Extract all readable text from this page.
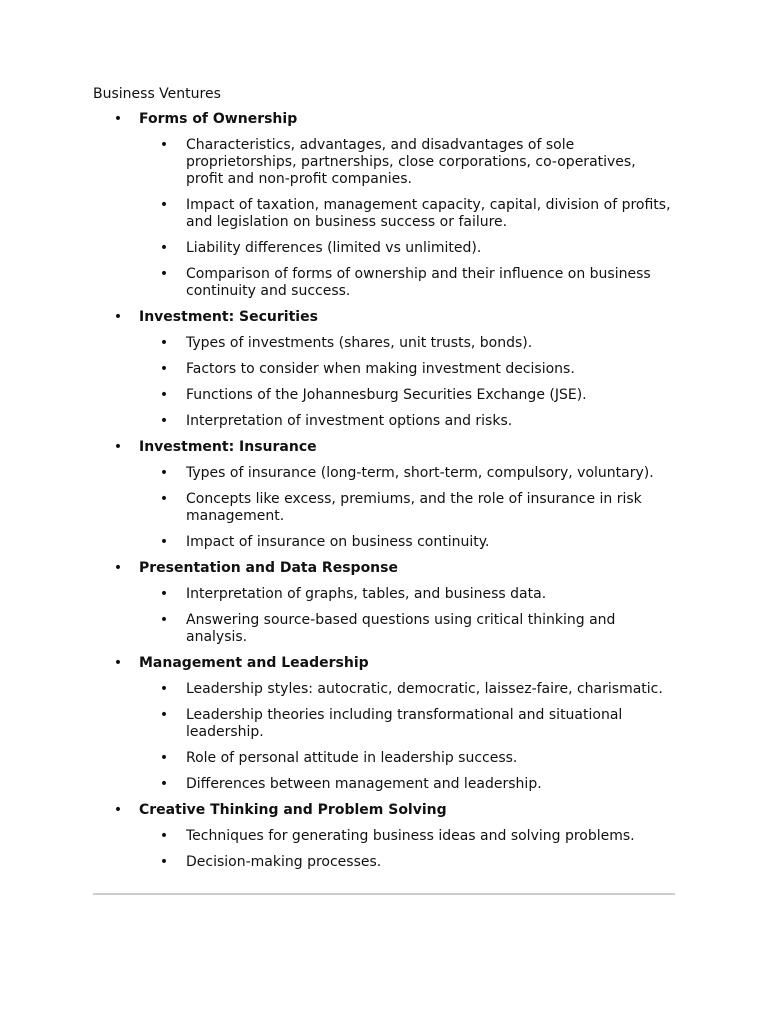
Business Ventures
• Forms of Ownership
• Characteristics, advantages, and disadvantages of sole proprietorships, partnerships, close corporations, co-operatives, profit and non-profit companies.
• Impact of taxation, management capacity, capital, division of profits, and legislation on business success or failure.
• Liability differences (limited vs unlimited).
• Comparison of forms of ownership and their influence on business continuity and success.
• Investment: Securities
• Types of investments (shares, unit trusts, bonds).
• Factors to consider when making investment decisions.
• Functions of the Johannesburg Securities Exchange (JSE).
• Interpretation of investment options and risks.
• Investment: Insurance
• Types of insurance (long-term, short-term, compulsory, voluntary).
• Concepts like excess, premiums, and the role of insurance in risk management.
• Impact of insurance on business continuity.
• Presentation and Data Response
• Interpretation of graphs, tables, and business data.
• Answering source-based questions using critical thinking and analysis.
• Management and Leadership
• Leadership styles: autocratic, democratic, laissez-faire, charismatic.
• Leadership theories including transformational and situational leadership.
• Role of personal attitude in leadership success.
• Differences between management and leadership.
• Creative Thinking and Problem Solving
• Techniques for generating business ideas and solving problems.
• Decision-making processes.
